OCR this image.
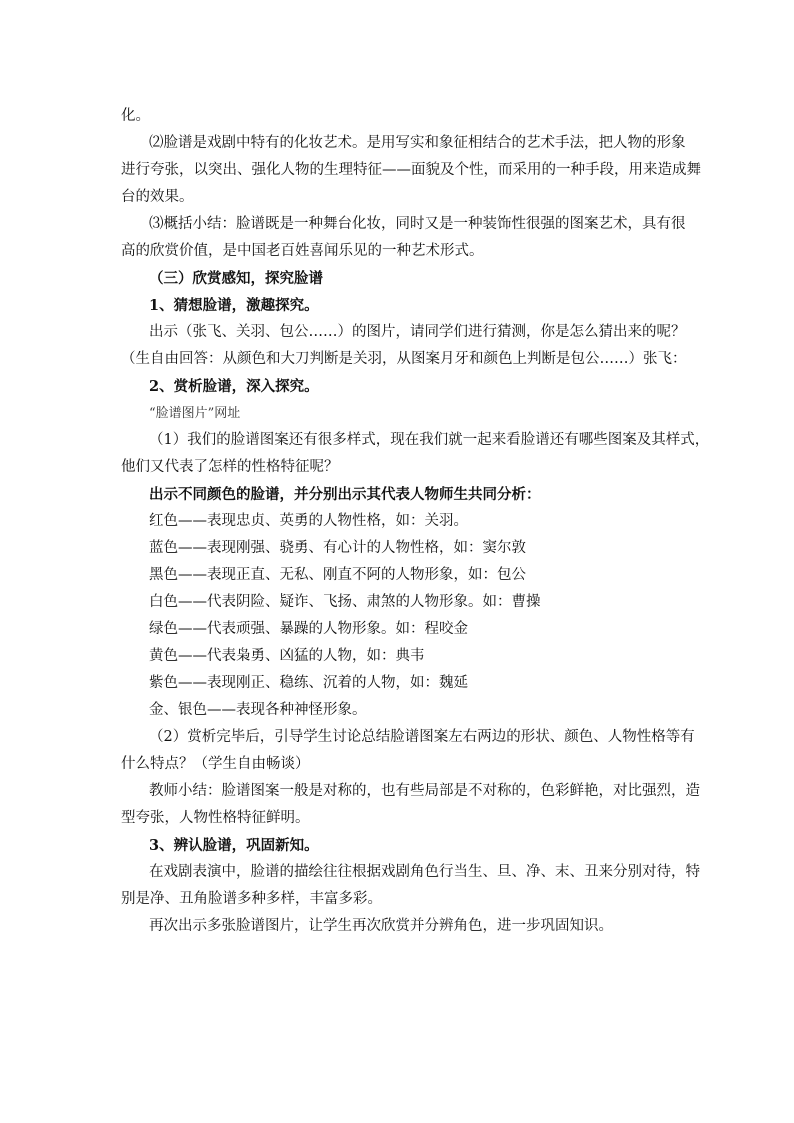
化。

⑵脸谱是戏剧中特有的化妆艺术。是用写实和象征相结合的艺术手法，把人物的形象

进行夸张，以突出、强化人物的生理特征——面貌及个性，而采用的一种手段，用来造成舞

台的效果。

⑶概括小结：脸谱既是一种舞台化妆，同时又是一种装饰性很强的图案艺术，具有很

高的欣赏价值，是中国老百姓喜闻乐见的一种艺术形式。

（三）欣赏感知，探究脸谱

1、猜想脸谱，激趣探究。

出示（张飞、关羽、包公……）的图片，请同学们进行猜测，你是怎么猜出来的呢？

（生自由回答：从颜色和大刀判断是关羽，从图案月牙和颜色上判断是包公……）张飞：

2、赏析脸谱，深入探究。

“脸谱图片”网址

（1）我们的脸谱图案还有很多样式，现在我们就一起来看脸谱还有哪些图案及其样式，

他们又代表了怎样的性格特征呢？

出示不同颜色的脸谱，并分别出示其代表人物师生共同分析：

红色——表现忠贞、英勇的人物性格，如：关羽。

蓝色——表现刚强、骁勇、有心计的人物性格，如：窦尔敦

黑色——表现正直、无私、刚直不阿的人物形象，如：包公

白色——代表阴险、疑诈、飞扬、肃煞的人物形象。如：曹操

绿色——代表顽强、暴躁的人物形象。如：程咬金

黄色——代表枭勇、凶猛的人物，如：典韦

紫色——表现刚正、稳练、沉着的人物，如：魏延

金、银色——表现各种神怪形象。

（2）赏析完毕后，引导学生讨论总结脸谱图案左右两边的形状、颜色、人物性格等有

什么特点？（学生自由畅谈）

教师小结：脸谱图案一般是对称的，也有些局部是不对称的，色彩鲜艳，对比强烈，造

型夸张，人物性格特征鲜明。

3、辨认脸谱，巩固新知。

在戏剧表演中，脸谱的描绘往往根据戏剧角色行当生、旦、净、末、丑来分别对待，特

别是净、丑角脸谱多种多样，丰富多彩。

再次出示多张脸谱图片，让学生再次欣赏并分辨角色，进一步巩固知识。
